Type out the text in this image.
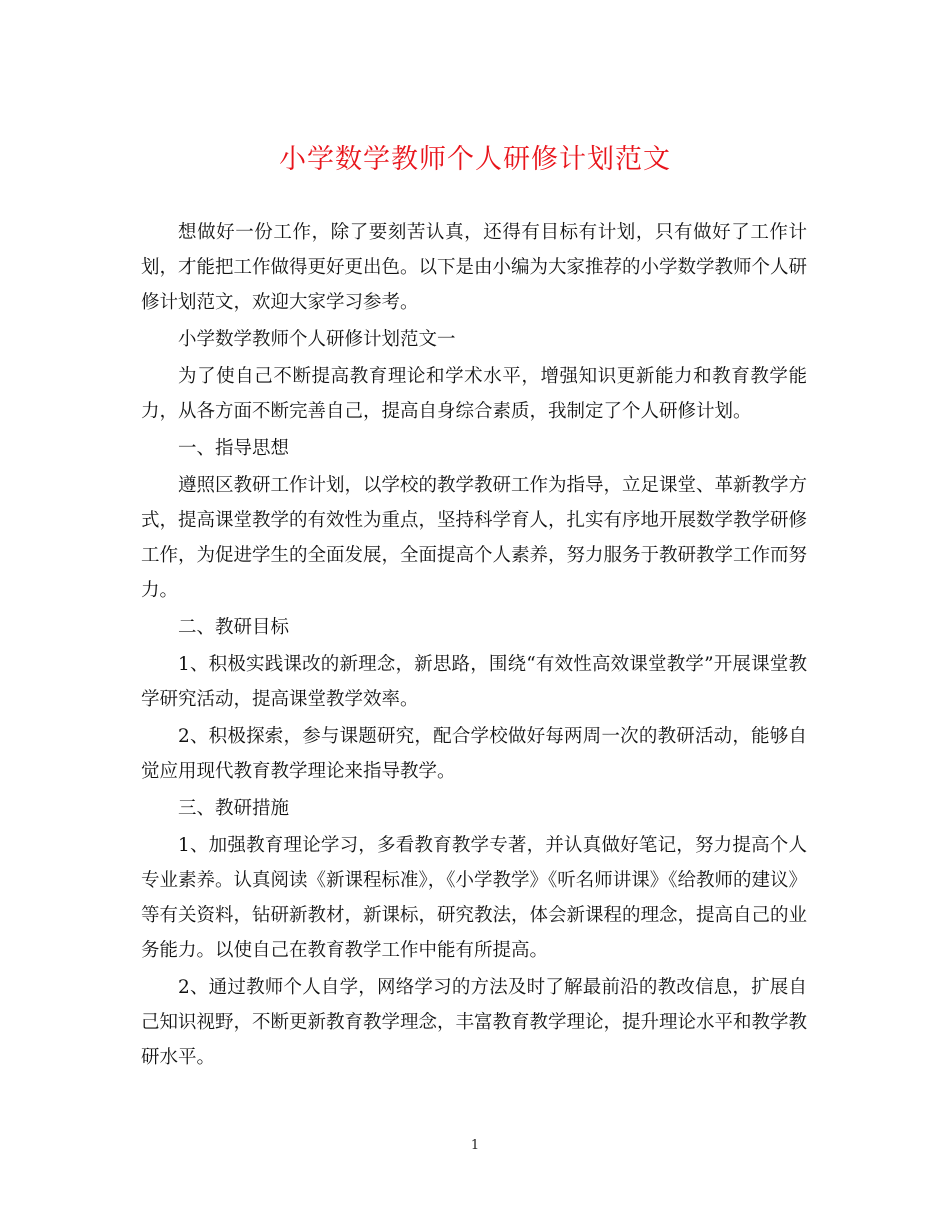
小学数学教师个人研修计划范文

想做好一份工作，除了要刻苦认真，还得有目标有计划，只有做好了工作计划，才能把工作做得更好更出色。以下是由小编为大家推荐的小学数学教师个人研修计划范文，欢迎大家学习参考。

小学数学教师个人研修计划范文一

为了使自己不断提高教育理论和学术水平，增强知识更新能力和教育教学能力，从各方面不断完善自己，提高自身综合素质，我制定了个人研修计划。

一、指导思想

遵照区教研工作计划，以学校的教学教研工作为指导，立足课堂、革新教学方式，提高课堂教学的有效性为重点，坚持科学育人，扎实有序地开展数学教学研修工作，为促进学生的全面发展，全面提高个人素养，努力服务于教研教学工作而努力。

二、教研目标

1、积极实践课改的新理念，新思路，围绕“有效性高效课堂教学”开展课堂教学研究活动，提高课堂教学效率。

2、积极探索，参与课题研究，配合学校做好每两周一次的教研活动，能够自觉应用现代教育教学理论来指导教学。

三、教研措施

1、加强教育理论学习，多看教育教学专著，并认真做好笔记，努力提高个人专业素养。认真阅读《新课程标准》，《小学教学》《听名师讲课》《给教师的建议》等有关资料，钻研新教材，新课标，研究教法，体会新课程的理念，提高自己的业务能力。以使自己在教育教学工作中能有所提高。

2、通过教师个人自学，网络学习的方法及时了解最前沿的教改信息，扩展自己知识视野，不断更新教育教学理念，丰富教育教学理论，提升理论水平和教学教研水平。

1
